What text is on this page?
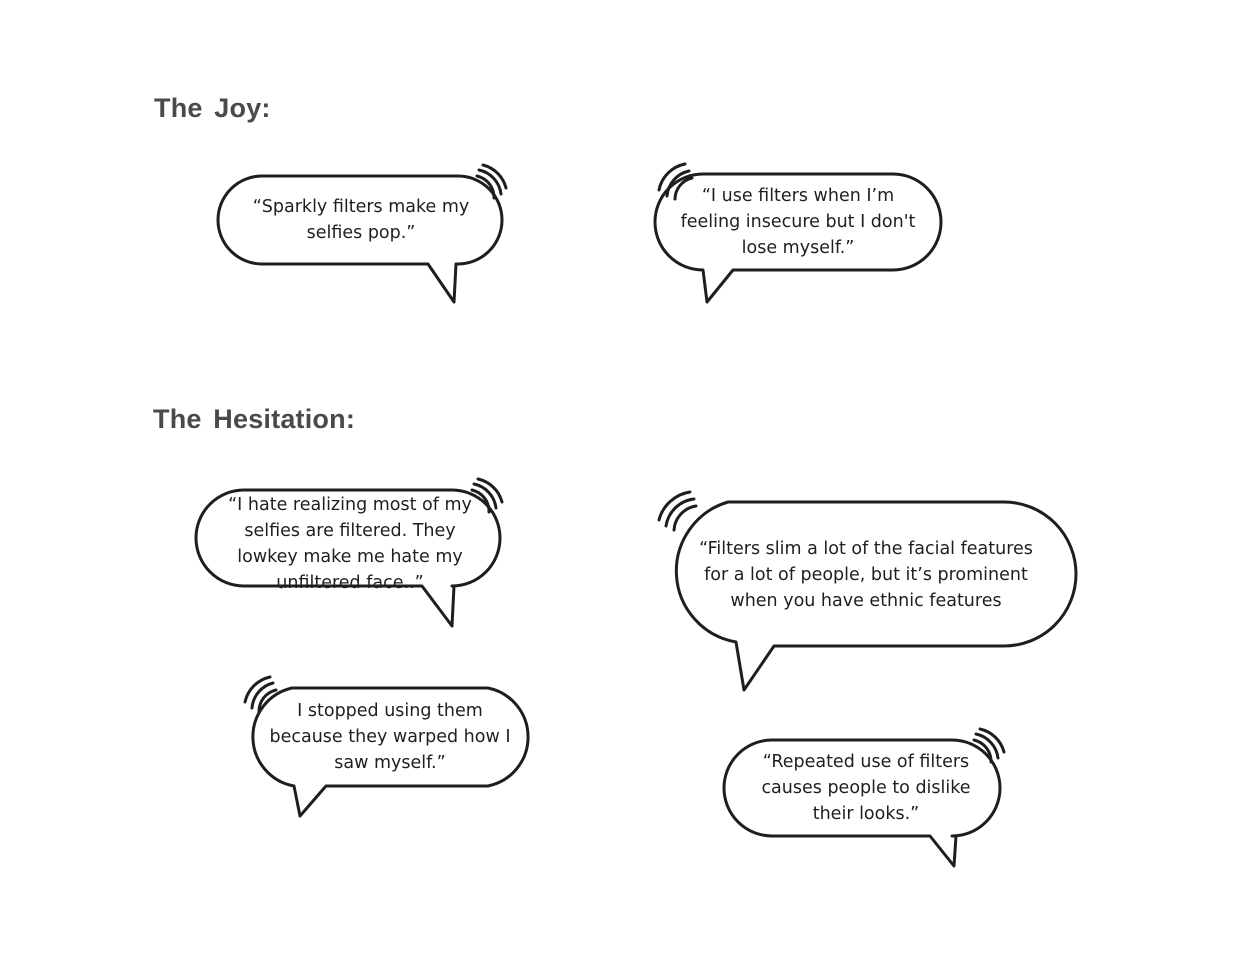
The Joy:
The Hesitation:
“Sparkly filters make my
selfies pop.”
“I use filters when I’m
feeling insecure but I don't
lose myself.”
“I hate realizing most of my
selfies are filtered. They
lowkey make me hate my
unfiltered face..”
“Filters slim a lot of the facial features
for a lot of people, but it’s prominent
when you have ethnic features
I stopped using them
because they warped how I
saw myself.”	“Repeated use of filters
causes people to dislike
their looks.”
